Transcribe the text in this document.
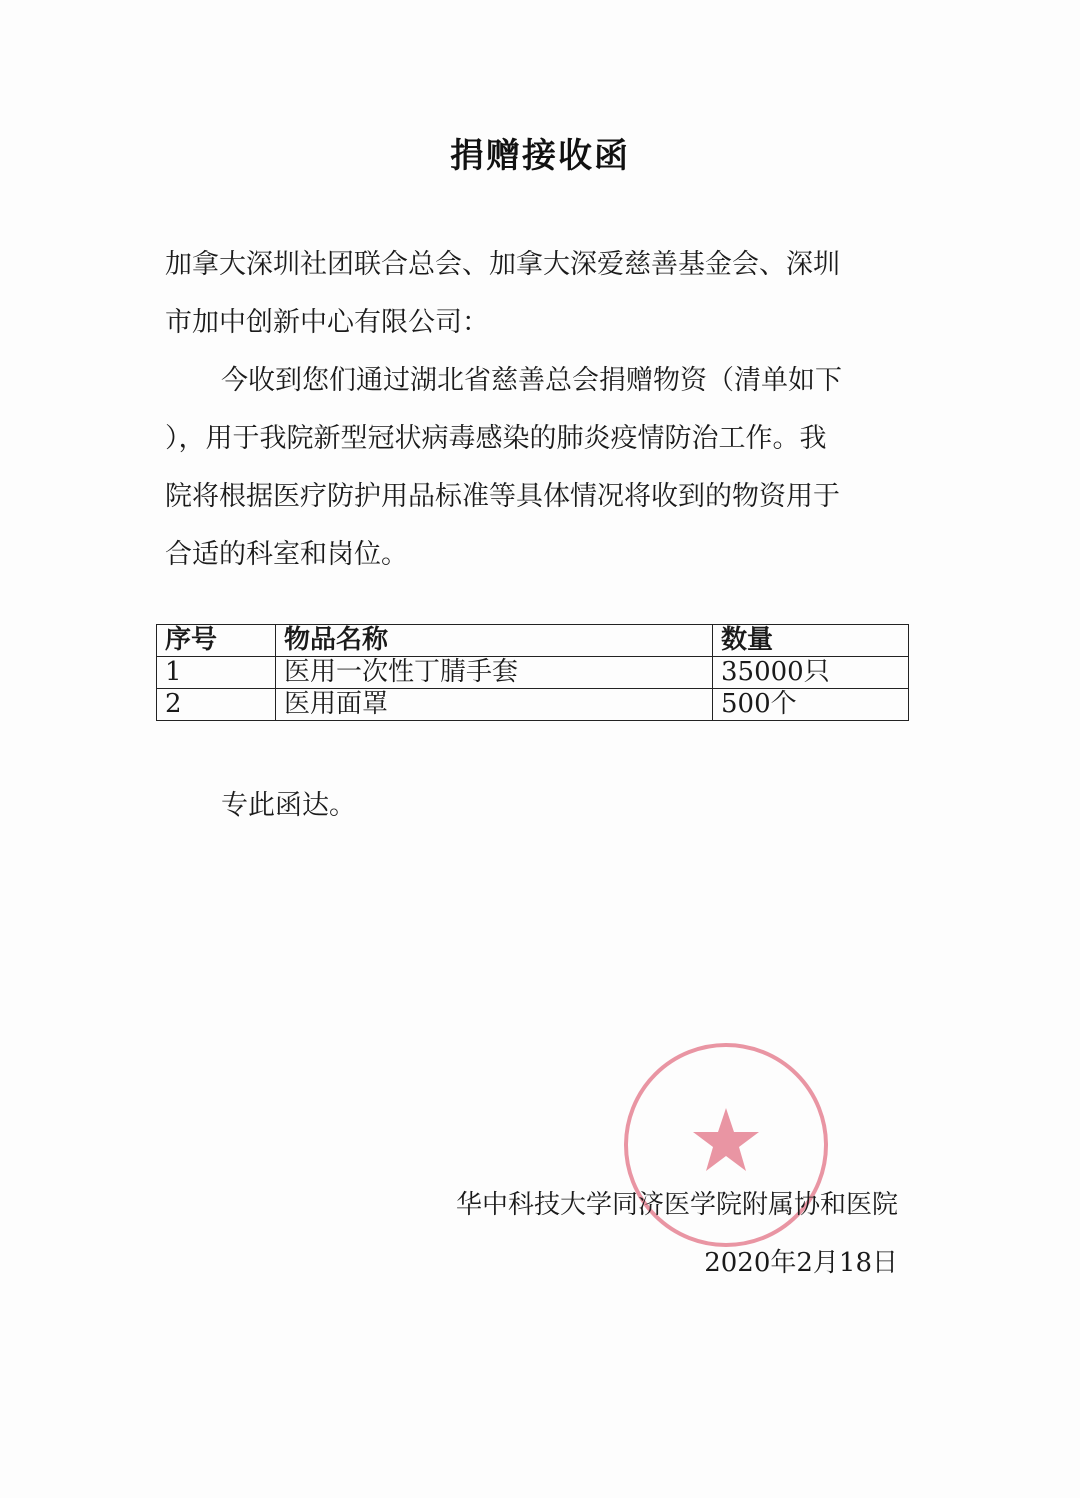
捐赠接收函
加拿大深圳社团联合总会、加拿大深爱慈善基金会、深圳
市加中创新中心有限公司：
今收到您们通过湖北省慈善总会捐赠物资（清单如下
），用于我院新型冠状病毒感染的肺炎疫情防治工作。我
院将根据医疗防护用品标准等具体情况将收到的物资用于
合适的科室和岗位。
序号	物品名称	数量
1	医用一次性丁腈手套	35000只
2	医用面罩	500个
专此函达。
华中科技大学同济医学院附属协和医院
2020年2月18日
